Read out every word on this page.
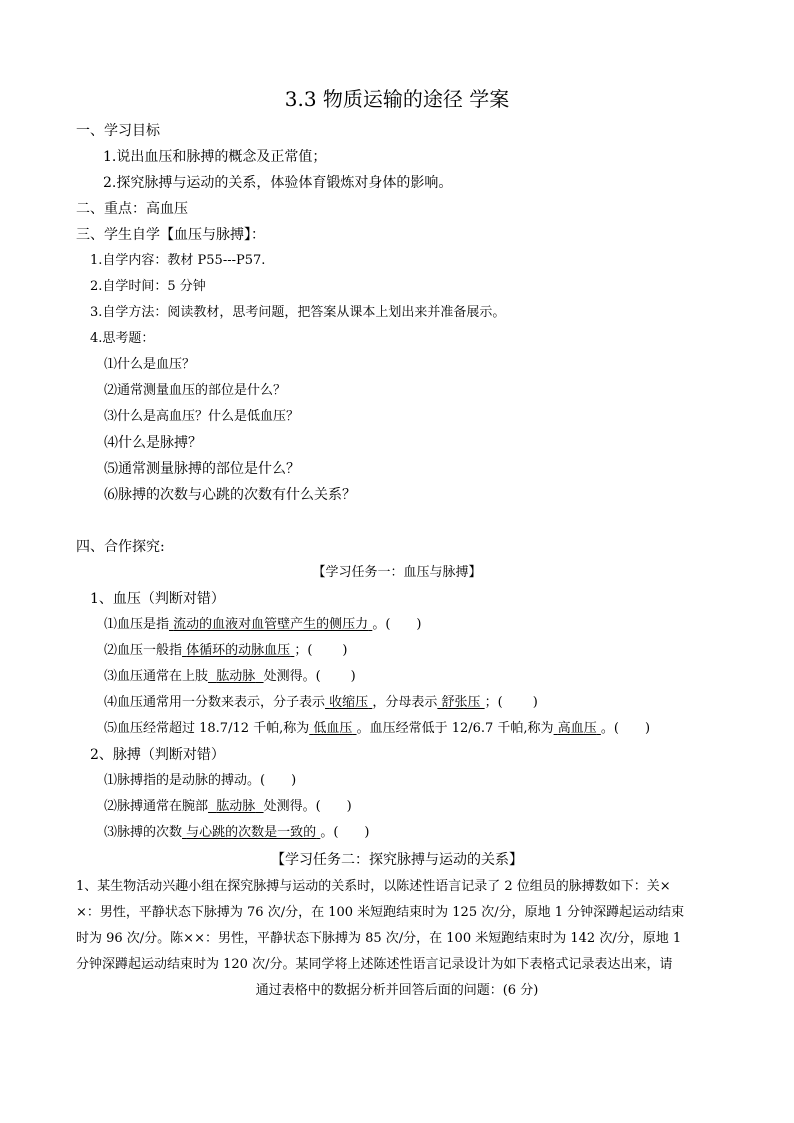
3.3 物质运输的途径 学案
一、学习目标
1.说出血压和脉搏的概念及正常值；
2.探究脉搏与运动的关系，体验体育锻炼对身体的影响。
二、重点：高血压
三、学生自学【血压与脉搏】：
1.自学内容：教材 P55---P57.
2.自学时间：5 分钟
3.自学方法：阅读教材，思考问题，把答案从课本上划出来并准备展示。
4.思考题：
⑴什么是血压？
⑵通常测量血压的部位是什么？
⑶什么是高血压？什么是低血压？
⑷什么是脉搏？
⑸通常测量脉搏的部位是什么？
⑹脉搏的次数与心跳的次数有什么关系？
四、合作探究:
【学习任务一：血压与脉搏】
1、血压（判断对错）
⑴血压是指 流动的血液对血管壁产生的侧压力 。( )
⑵血压一般指 体循环的动脉血压 ；( )
⑶血压通常在上肢 肱动脉 处测得。( )
⑷血压通常用一分数来表示，分子表示 收缩压 ，分母表示 舒张压 ；( )
⑸血压经常超过 18.7/12 千帕,称为 低血压 。血压经常低于 12/6.7 千帕,称为 高血压 。( )
2、脉搏（判断对错）
⑴脉搏指的是动脉的搏动。( )
⑵脉搏通常在腕部 肱动脉 处测得。( )
⑶脉搏的次数 与心跳的次数是一致的 。( )
【学习任务二：探究脉搏与运动的关系】
1、某生物活动兴趣小组在探究脉搏与运动的关系时，以陈述性语言记录了 2 位组员的脉搏数如下：关×
×：男性，平静状态下脉搏为 76 次/分，在 100 米短跑结束时为 125 次/分，原地 1 分钟深蹲起运动结束
时为 96 次/分。陈××：男性，平静状态下脉搏为 85 次/分，在 100 米短跑结束时为 142 次/分，原地 1
分钟深蹲起运动结束时为 120 次/分。某同学将上述陈述性语言记录设计为如下表格式记录表达出来，请
通过表格中的数据分析并回答后面的问题：(6 分)
